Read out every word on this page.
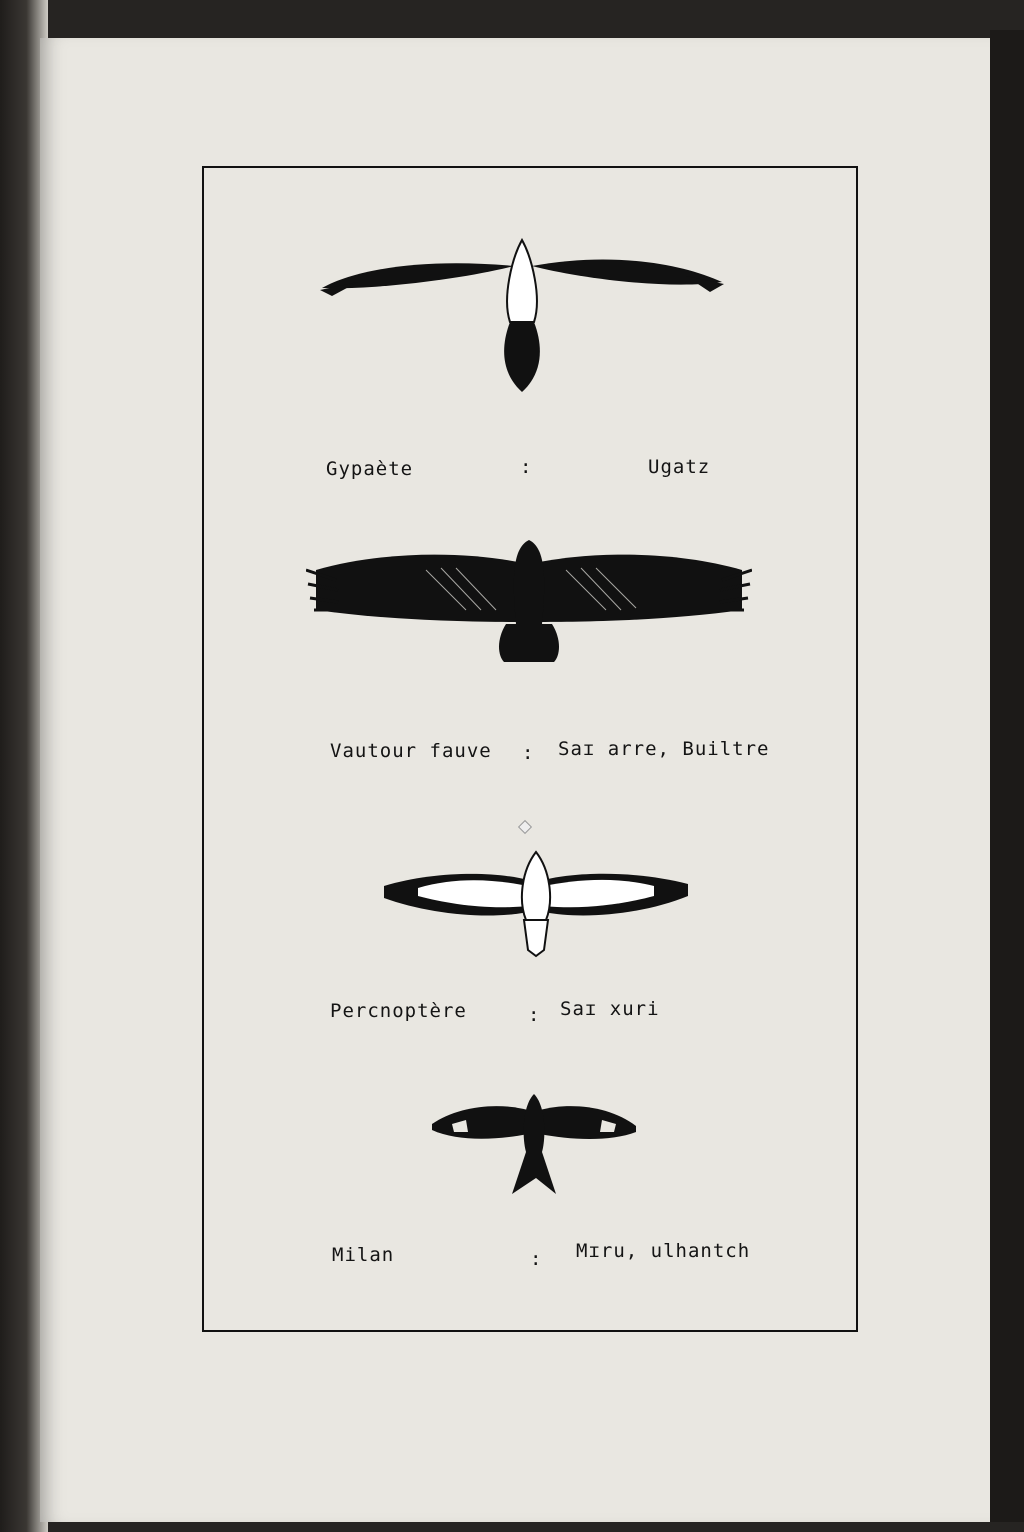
Gypaète	:	Ugatz
Vautour fauve : Saɪ arre, Builtre
Percnoptère	: Saɪ xuri
Milan	: Mɪru, ulhantch
